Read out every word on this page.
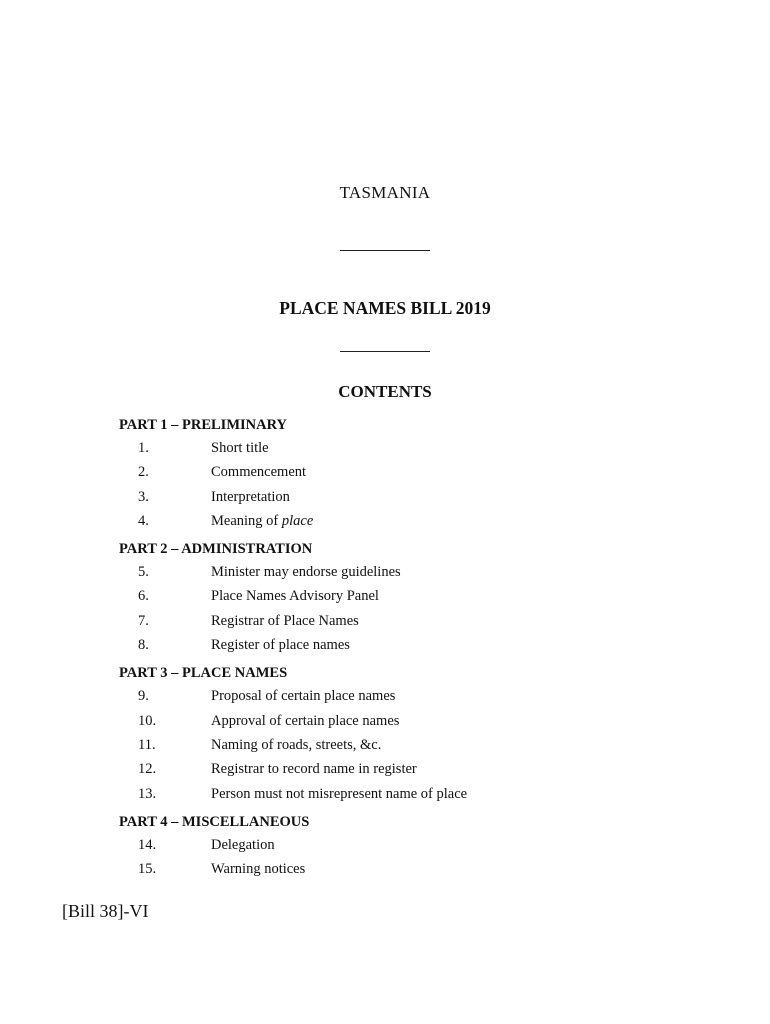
TASMANIA
PLACE NAMES BILL 2019
CONTENTS
PART 1 – PRELIMINARY
1.	Short title
2.	Commencement
3.	Interpretation
4.	Meaning of place
PART 2 – ADMINISTRATION
5.	Minister may endorse guidelines
6.	Place Names Advisory Panel
7.	Registrar of Place Names
8.	Register of place names
PART 3 – PLACE NAMES
9.	Proposal of certain place names
10.	Approval of certain place names
11.	Naming of roads, streets, &c.
12.	Registrar to record name in register
13.	Person must not misrepresent name of place
PART 4 – MISCELLANEOUS
14.	Delegation
15.	Warning notices
[Bill 38]-VI
